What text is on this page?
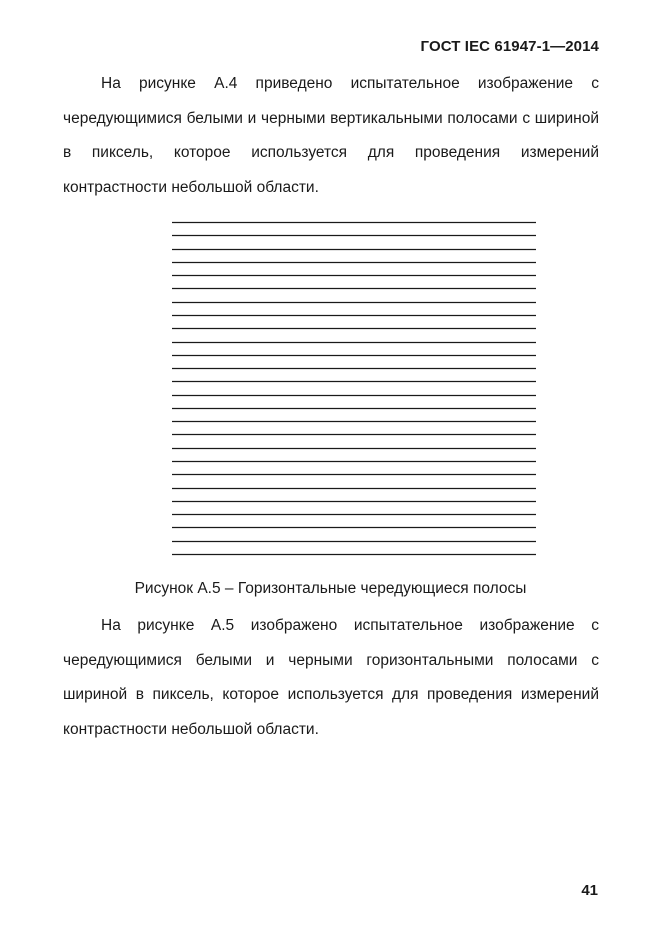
ГОСТ IEC 61947-1—2014

На рисунке А.4 приведено испытательное изображение с чередующимися белыми и черными вертикальными полосами с шириной в пиксель, которое используется для проведения измерений контрастности небольшой области.

Рисунок А.5 – Горизонтальные чередующиеся полосы

На рисунке А.5 изображено испытательное изображение с чередующимися белыми и черными горизонтальными полосами с шириной в пиксель, которое используется для проведения измерений контрастности небольшой области.

41
